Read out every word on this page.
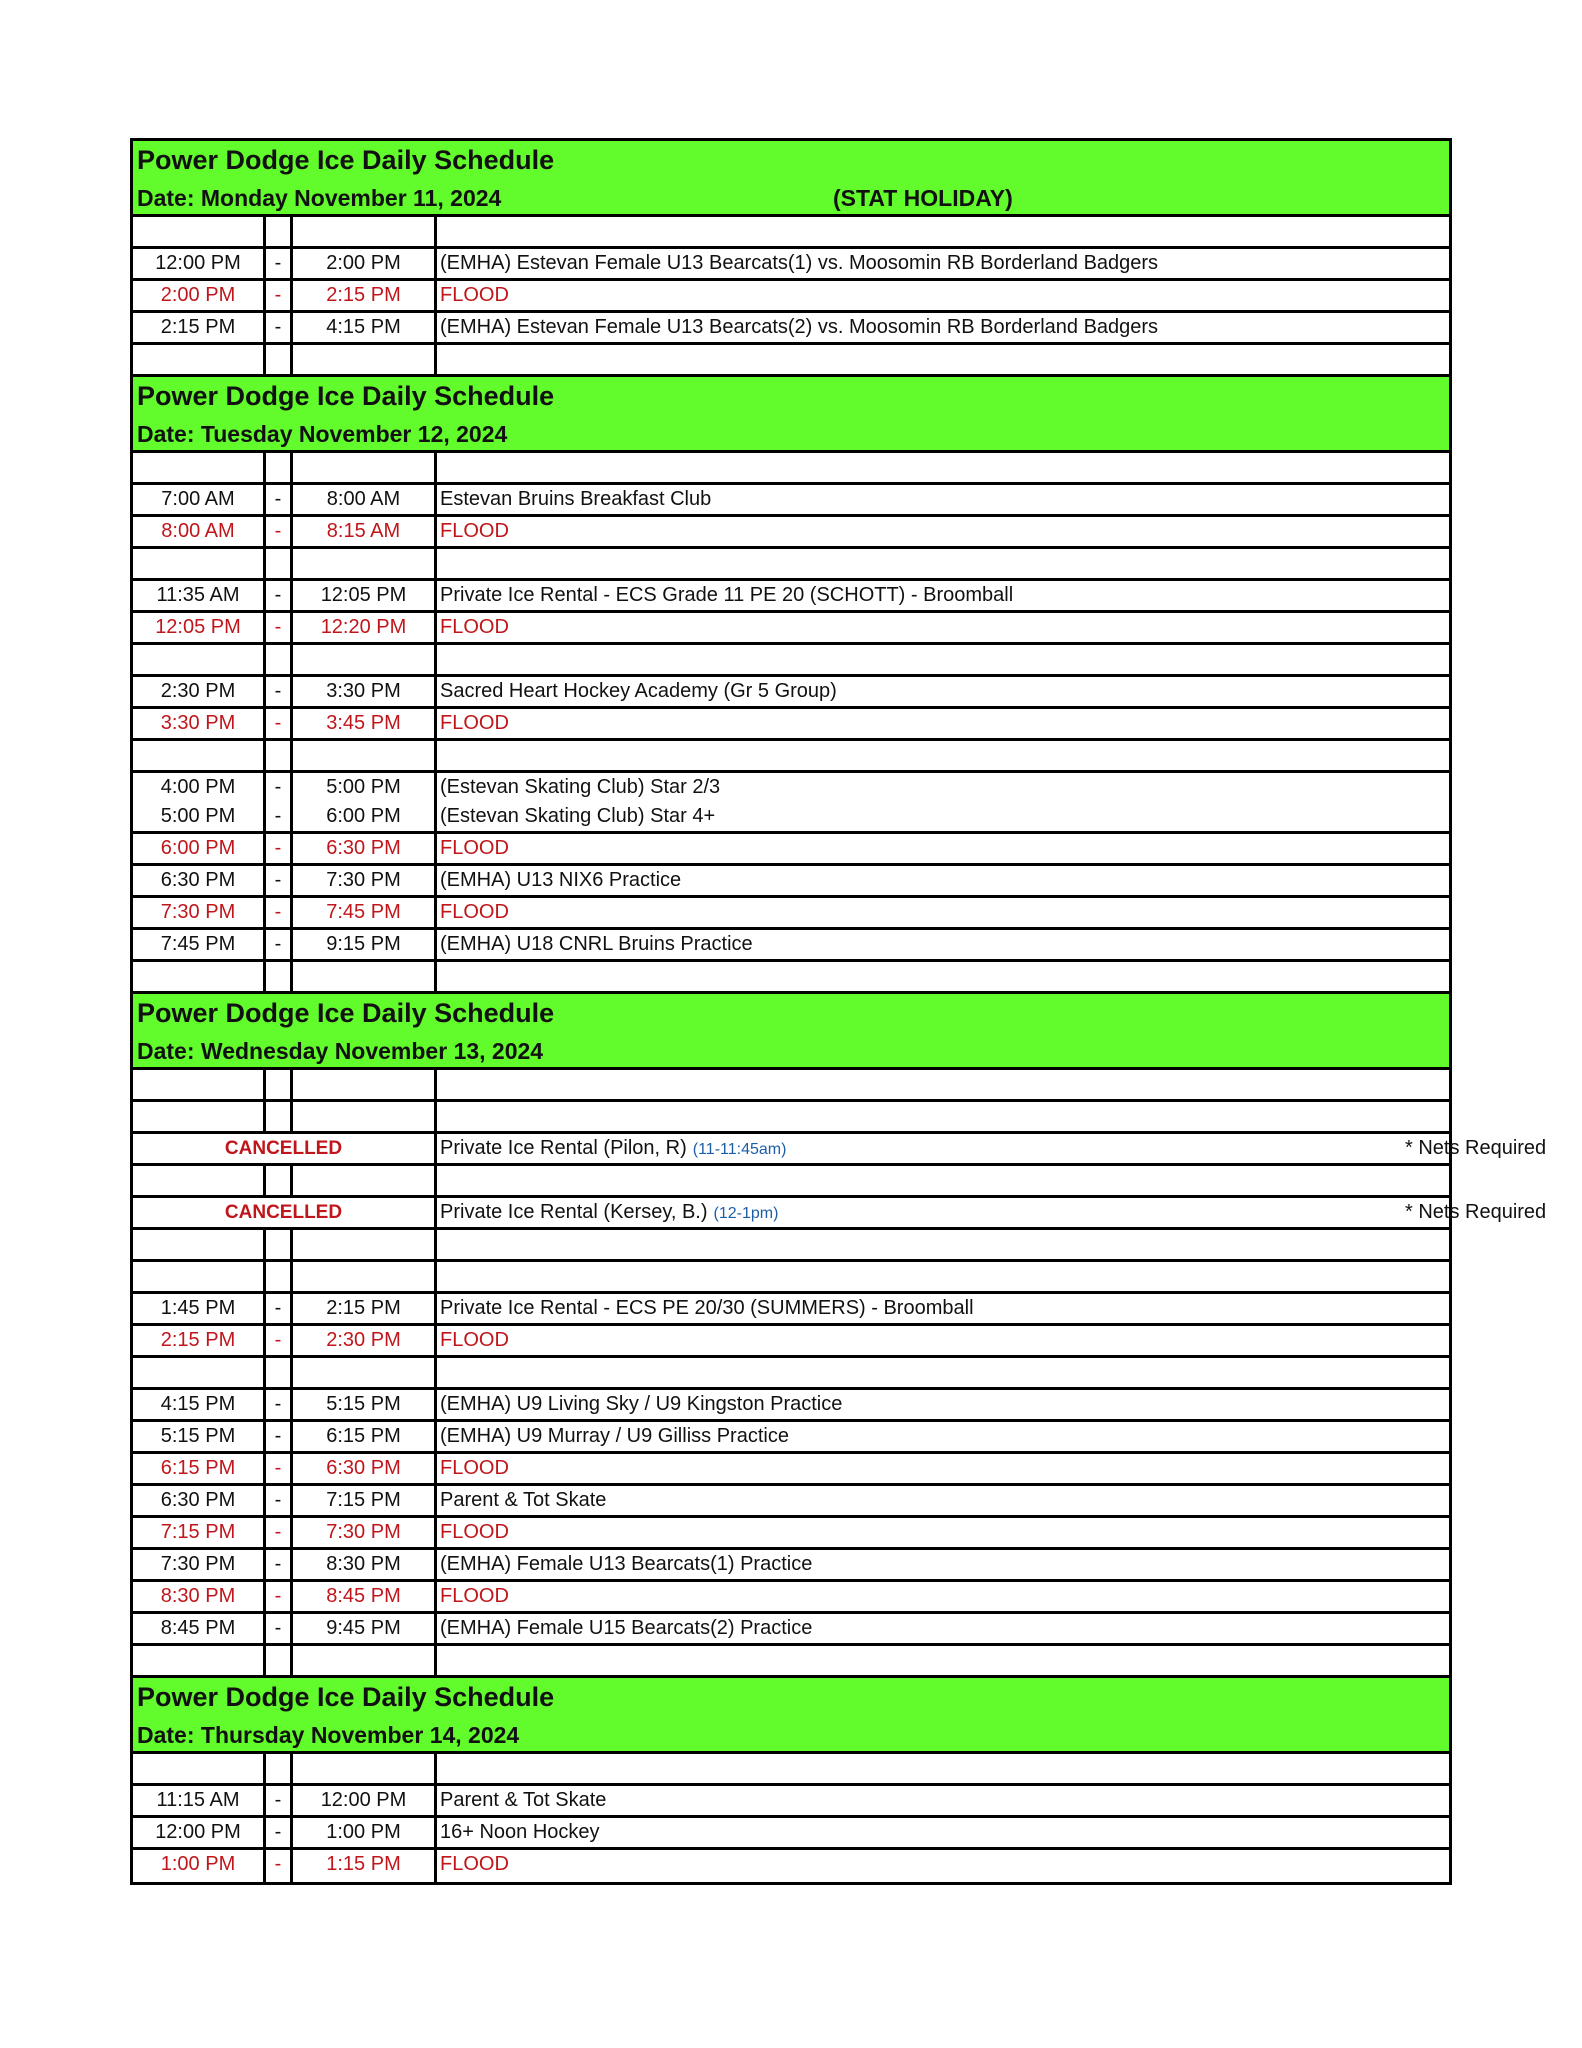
Power Dodge Ice Daily Schedule
Date: Monday November 11, 2024	(STAT HOLIDAY)
12:00 PM	-	2:00 PM	(EMHA) Estevan Female U13 Bearcats(1) vs. Moosomin RB Borderland Badgers
2:00 PM	-	2:15 PM	FLOOD
2:15 PM	-	4:15 PM	(EMHA) Estevan Female U13 Bearcats(2) vs. Moosomin RB Borderland Badgers
Power Dodge Ice Daily Schedule
Date: Tuesday November 12, 2024
7:00 AM	-	8:00 AM	Estevan Bruins Breakfast Club
8:00 AM	-	8:15 AM	FLOOD
11:35 AM	-	12:05 PM	Private Ice Rental - ECS Grade 11 PE 20 (SCHOTT) - Broomball
12:05 PM	-	12:20 PM	FLOOD
2:30 PM	-	3:30 PM	Sacred Heart Hockey Academy (Gr 5 Group)
3:30 PM	-	3:45 PM	FLOOD
4:00 PM	-	5:00 PM	(Estevan Skating Club) Star 2/3
5:00 PM	-	6:00 PM	(Estevan Skating Club) Star 4+
6:00 PM	-	6:30 PM	FLOOD
6:30 PM	-	7:30 PM	(EMHA) U13 NIX6 Practice
7:30 PM	-	7:45 PM	FLOOD
7:45 PM	-	9:15 PM	(EMHA) U18 CNRL Bruins Practice
Power Dodge Ice Daily Schedule
Date: Wednesday November 13, 2024
CANCELLED	Private Ice Rental (Pilon, R) (11-11:45am)	* Nets Required
CANCELLED	Private Ice Rental (Kersey, B.) (12-1pm)	* Nets Required
1:45 PM	-	2:15 PM	Private Ice Rental - ECS PE 20/30 (SUMMERS) - Broomball
2:15 PM	-	2:30 PM	FLOOD
4:15 PM	-	5:15 PM	(EMHA) U9 Living Sky / U9 Kingston Practice
5:15 PM	-	6:15 PM	(EMHA) U9 Murray / U9 Gilliss Practice
6:15 PM	-	6:30 PM	FLOOD
6:30 PM	-	7:15 PM	Parent & Tot Skate
7:15 PM	-	7:30 PM	FLOOD
7:30 PM	-	8:30 PM	(EMHA) Female U13 Bearcats(1) Practice
8:30 PM	-	8:45 PM	FLOOD
8:45 PM	-	9:45 PM	(EMHA) Female U15 Bearcats(2) Practice
Power Dodge Ice Daily Schedule
Date: Thursday November 14, 2024
11:15 AM	-	12:00 PM	Parent & Tot Skate
12:00 PM	-	1:00 PM	16+ Noon Hockey
1:00 PM	-	1:15 PM	FLOOD
